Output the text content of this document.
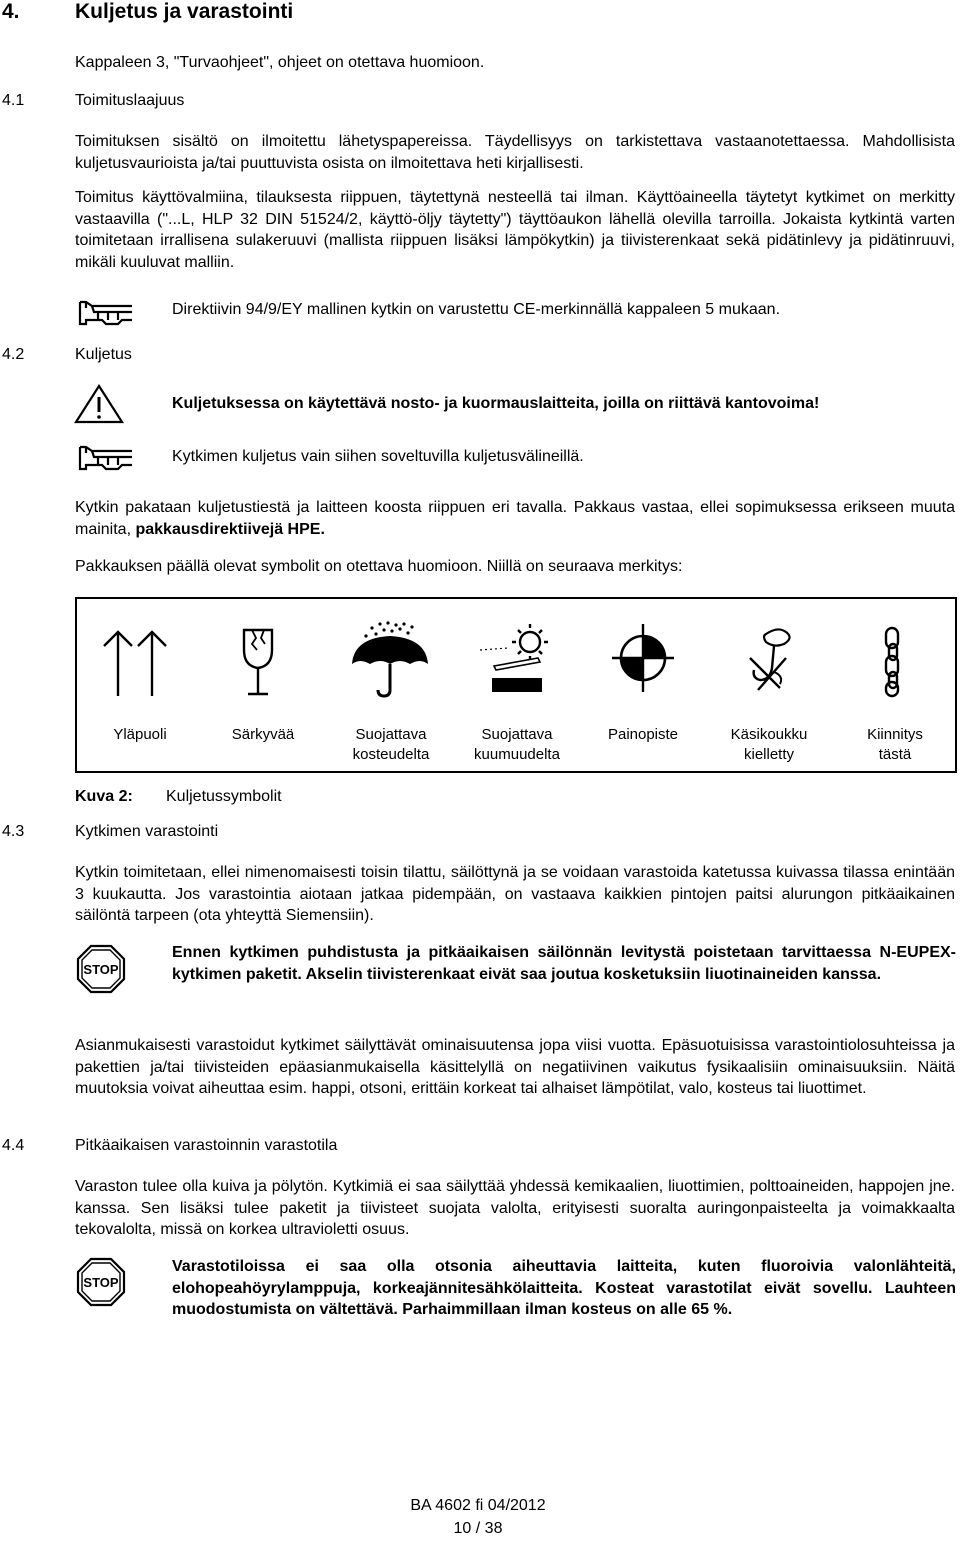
4.	Kuljetus ja varastointi
Kappaleen 3, "Turvaohjeet", ohjeet on otettava huomioon.
4.1	Toimituslaajuus
Toimituksen sisältö on ilmoitettu lähetyspapereissa. Täydellisyys on tarkistettava vastaanotettaessa. Mahdollisista kuljetusvaurioista ja/tai puuttuvista osista on ilmoitettava heti kirjallisesti.
Toimitus käyttövalmiina, tilauksesta riippuen, täytettynä nesteellä tai ilman. Käyttöaineella täytetyt kytkimet on merkitty vastaavilla ("...L, HLP 32 DIN 51524/2, käyttö-öljy täytetty") täyttöaukon lähellä olevilla tarroilla. Jokaista kytkintä varten toimitetaan irrallisena sulakeruuvi (mallista riippuen lisäksi lämpökytkin) ja tiivisterenkaat sekä pidätinlevy ja pidätinruuvi, mikäli kuuluvat malliin.
Direktiivin 94/9/EY mallinen kytkin on varustettu CE-merkinnällä kappaleen 5 mukaan.
4.2	Kuljetus
Kuljetuksessa on käytettävä nosto- ja kuormauslaitteita, joilla on riittävä kantovoima!
Kytkimen kuljetus vain siihen soveltuvilla kuljetusvälineillä.
Kytkin pakataan kuljetustiestä ja laitteen koosta riippuen eri tavalla. Pakkaus vastaa, ellei sopimuksessa erikseen muuta mainita, pakkausdirektiivejä HPE.
Pakkauksen päällä olevat symbolit on otettava huomioon. Niillä on seuraava merkitys:
Yläpuoli	Särkyvää	Suojattava
kosteudelta
Suojattava
kuumuudelta
Painopiste	Käsikoukku
kielletty
Kiinnitys
tästä
Kuva 2: Kuljetussymbolit
4.3	Kytkimen varastointi
Kytkin toimitetaan, ellei nimenomaisesti toisin tilattu, säilöttynä ja se voidaan varastoida katetussa kuivassa tilassa enintään 3 kuukautta. Jos varastointia aiotaan jatkaa pidempään, on vastaava kaikkien pintojen paitsi alurungon pitkäaikainen säilöntä tarpeen (ota yhteyttä Siemensiin).
STOP
Ennen kytkimen puhdistusta ja pitkäaikaisen säilönnän levitystä poistetaan tarvittaessa N-EUPEX-kytkimen paketit. Akselin tiivisterenkaat eivät saa joutua kosketuksiin liuotinaineiden kanssa.
Asianmukaisesti varastoidut kytkimet säilyttävät ominaisuutensa jopa viisi vuotta. Epäsuotuisissa varastointiolosuhteissa ja pakettien ja/tai tiivisteiden epäasianmukaisella käsittelyllä on negatiivinen vaikutus fysikaalisiin ominaisuuksiin. Näitä muutoksia voivat aiheuttaa esim. happi, otsoni, erittäin korkeat tai alhaiset lämpötilat, valo, kosteus tai liuottimet.
4.4	Pitkäaikaisen varastoinnin varastotila
Varaston tulee olla kuiva ja pölytön. Kytkimiä ei saa säilyttää yhdessä kemikaalien, liuottimien, polttoaineiden, happojen jne. kanssa. Sen lisäksi tulee paketit ja tiivisteet suojata valolta, erityisesti suoralta auringonpaisteelta ja voimakkaalta tekovalolta, missä on korkea ultravioletti osuus.
STOP
Varastotiloissa ei saa olla otsonia aiheuttavia laitteita, kuten fluoroivia valonlähteitä, elohopeahöyrylamppuja, korkeajännitesähkölaitteita. Kosteat varastotilat eivät sovellu. Lauhteen muodostumista on vältettävä. Parhaimmillaan ilman kosteus on alle 65 %.
BA 4602 fi 04/2012
10 / 38
